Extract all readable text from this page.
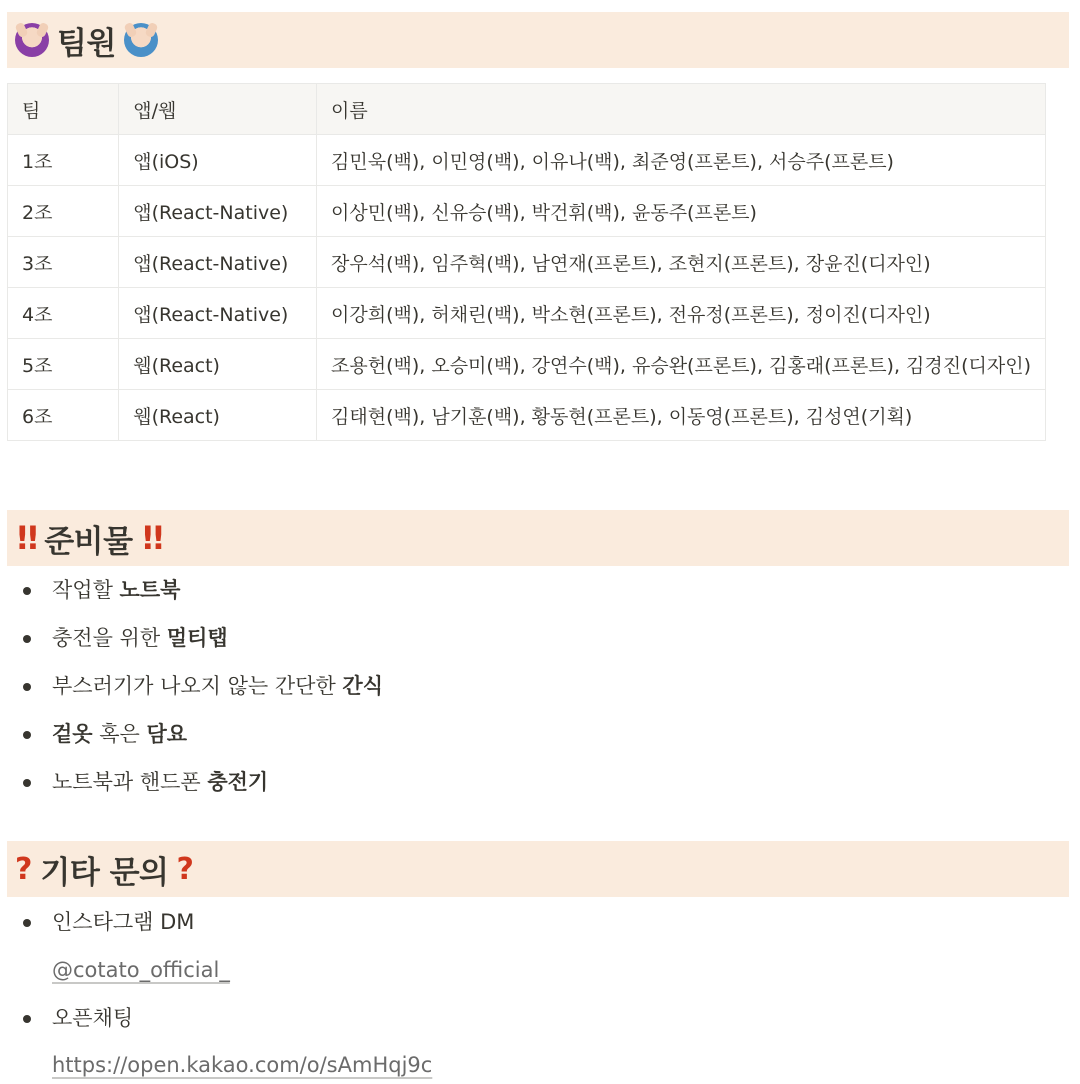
팀원
팀	앱/웹	이름
1조	앱(iOS)	김민욱(백), 이민영(백), 이유나(백), 최준영(프론트), 서승주(프론트)
2조	앱(React-Native)	이상민(백), 신유승(백), 박건휘(백), 윤동주(프론트)
3조	앱(React-Native)	장우석(백), 임주혁(백), 남연재(프론트), 조현지(프론트), 장윤진(디자인)
4조	앱(React-Native)	이강희(백), 허채린(백), 박소현(프론트), 전유정(프론트), 정이진(디자인)
5조	웹(React)	조용헌(백), 오승미(백), 강연수(백), 유승완(프론트), 김홍래(프론트), 김경진(디자인)
6조	웹(React)	김태현(백), 남기훈(백), 황동현(프론트), 이동영(프론트), 김성연(기획)
!! 준비물 !!
작업할 노트북
충전을 위한 멀티탭
부스러기가 나오지 않는 간단한 간식
겉옷 혹은 담요
노트북과 핸드폰 충전기
? 기타 문의 ?
인스타그램 DM
@cotato_official_
오픈채팅
https://open.kakao.com/o/sAmHqj9c
